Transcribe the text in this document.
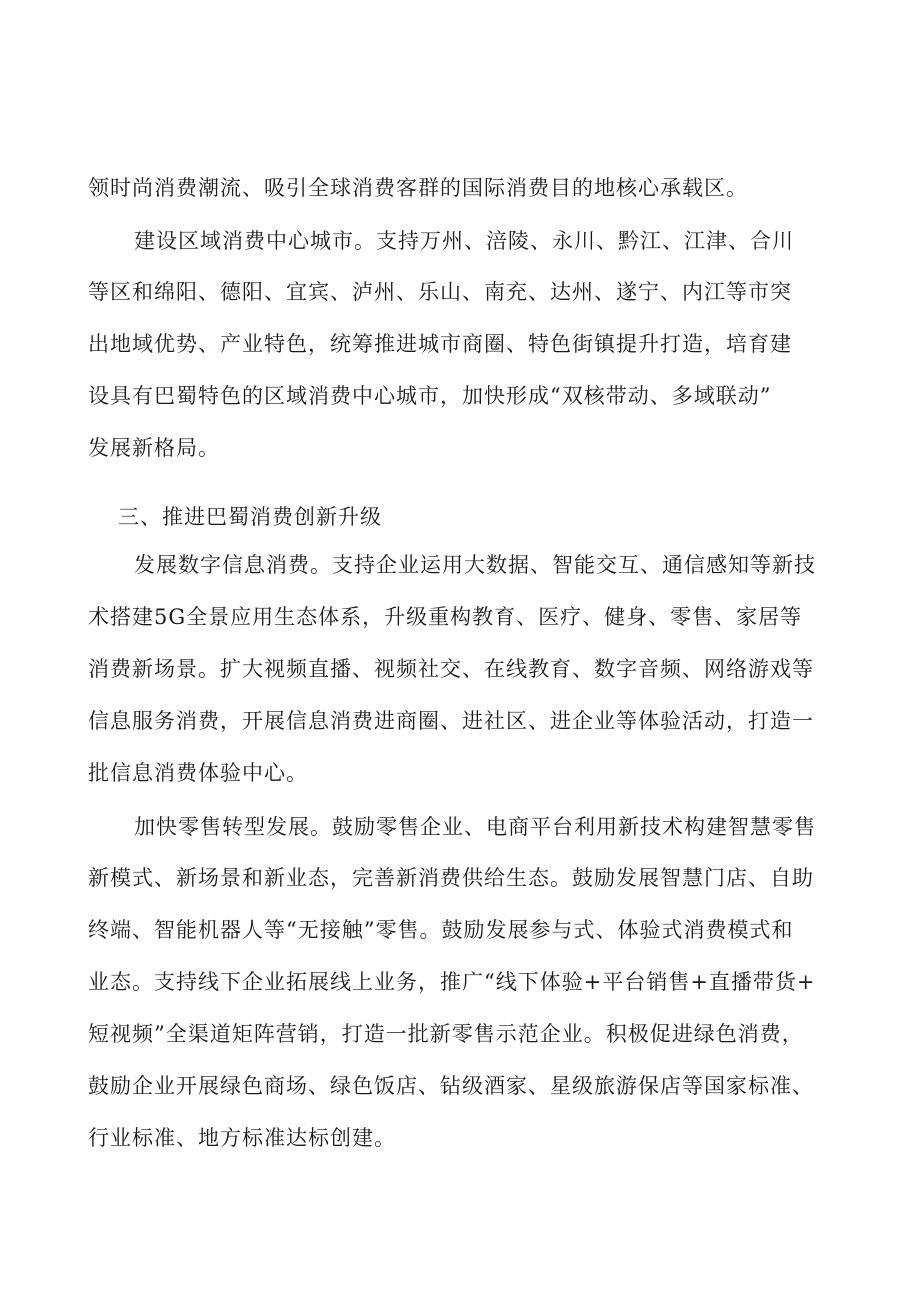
领时尚消费潮流、吸引全球消费客群的国际消费目的地核心承载区。
建设区域消费中心城市。支持万州、涪陵、永川、黔江、江津、合川
等区和绵阳、德阳、宜宾、泸州、乐山、南充、达州、遂宁、内江等市突
出地域优势、产业特色，统筹推进城市商圈、特色街镇提升打造，培育建
设具有巴蜀特色的区域消费中心城市，加快形成“双核带动、多域联动”
发展新格局。
三、推进巴蜀消费创新升级
发展数字信息消费。支持企业运用大数据、智能交互、通信感知等新技
术搭建5G全景应用生态体系，升级重构教育、医疗、健身、零售、家居等
消费新场景。扩大视频直播、视频社交、在线教育、数字音频、网络游戏等
信息服务消费，开展信息消费进商圈、进社区、进企业等体验活动，打造一
批信息消费体验中心。
加快零售转型发展。鼓励零售企业、电商平台利用新技术构建智慧零售
新模式、新场景和新业态，完善新消费供给生态。鼓励发展智慧门店、自助
终端、智能机器人等“无接触”零售。鼓励发展参与式、体验式消费模式和
业态。支持线下企业拓展线上业务，推广“线下体验+平台销售+直播带货+
短视频”全渠道矩阵营销，打造一批新零售示范企业。积极促进绿色消费，
鼓励企业开展绿色商场、绿色饭店、钻级酒家、星级旅游保店等国家标准、
行业标准、地方标准达标创建。
